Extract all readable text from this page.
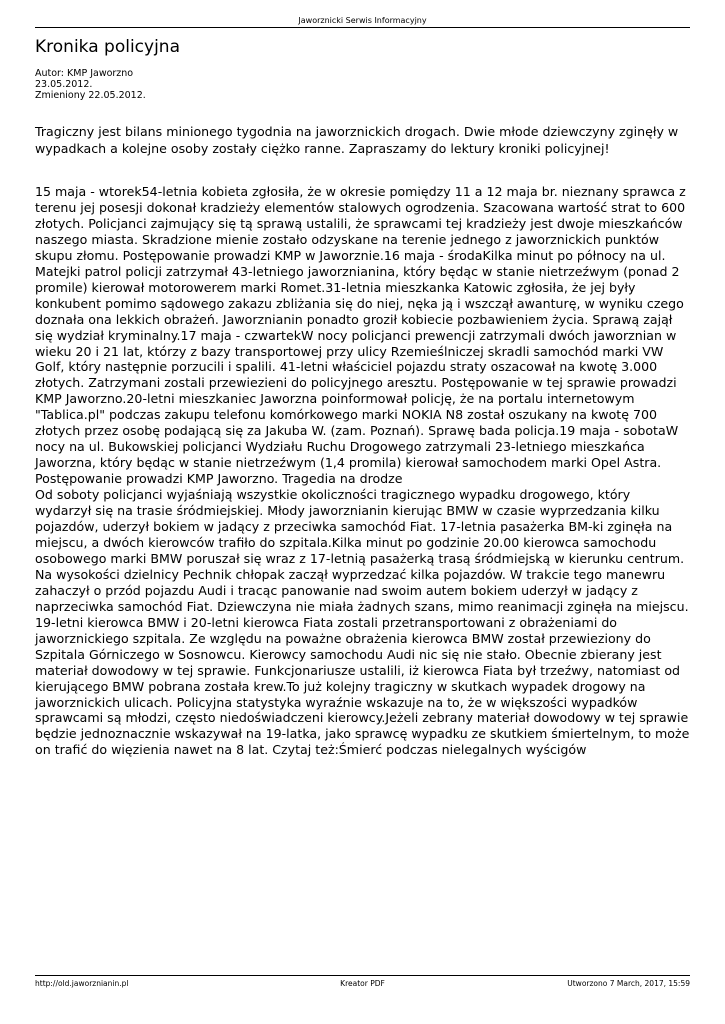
Jaworznicki Serwis Informacyjny
Kronika policyjna
Autor: KMP Jaworzno
23.05.2012.
Zmieniony 22.05.2012.

Tragiczny jest bilans minionego tygodnia na jaworznickich drogach. Dwie młode dziewczyny zginęły w wypadkach a kolejne osoby zostały ciężko ranne. Zapraszamy do lektury kroniki policyjnej!

15 maja - wtorek54-letnia kobieta zgłosiła, że w okresie pomiędzy 11 a 12 maja br. nieznany sprawca z terenu jej posesji dokonał kradzieży elementów stalowych ogrodzenia. Szacowana wartość strat to 600 złotych. Policjanci zajmujący się tą sprawą ustalili, że sprawcami tej kradzieży jest dwoje mieszkańców naszego miasta. Skradzione mienie zostało odzyskane na terenie jednego z jaworznickich punktów skupu złomu. Postępowanie prowadzi KMP w Jaworznie.16 maja - środaKilka minut po północy na ul. Matejki patrol policji zatrzymał 43-letniego jaworznianina, który będąc w stanie nietrzeźwym (ponad 2 promile) kierował motorowerem marki Romet.31-letnia mieszkanka Katowic zgłosiła, że jej były konkubent pomimo sądowego zakazu zbliżania się do niej, nęka ją i wszczął awanturę, w wyniku czego doznała ona lekkich obrażeń. Jaworznianin ponadto groził kobiecie pozbawieniem życia. Sprawą zajął się wydział kryminalny.17 maja - czwartekW nocy policjanci prewencji zatrzymali dwóch jaworznian w wieku 20 i 21 lat, którzy z bazy transportowej przy ulicy Rzemieślniczej skradli samochód marki VW Golf, który następnie porzucili i spalili. 41-letni właściciel pojazdu straty oszacował na kwotę 3.000 złotych. Zatrzymani zostali przewiezieni do policyjnego aresztu. Postępowanie w tej sprawie prowadzi KMP Jaworzno.20-letni mieszkaniec Jaworzna poinformował policję, że na portalu internetowym "Tablica.pl" podczas zakupu telefonu komórkowego marki NOKIA N8 został oszukany na kwotę 700 złotych przez osobę podającą się za Jakuba W. (zam. Poznań). Sprawę bada policja.19 maja - sobotaW nocy na ul. Bukowskiej policjanci Wydziału Ruchu Drogowego zatrzymali 23-letniego mieszkańca Jaworzna, który będąc w stanie nietrzeźwym (1,4 promila) kierował samochodem marki Opel Astra. Postępowanie prowadzi KMP Jaworzno. Tragedia na drodze

Od soboty policjanci wyjaśniają wszystkie okoliczności tragicznego wypadku drogowego, który wydarzył się na trasie śródmiejskiej. Młody jaworznianin kierując BMW w czasie wyprzedzania kilku pojazdów, uderzył bokiem w jadący z przeciwka samochód Fiat. 17-letnia pasażerka BM-ki zginęła na miejscu, a dwóch kierowców trafiło do szpitala.Kilka minut po godzinie 20.00 kierowca samochodu osobowego marki BMW poruszał się wraz z 17-letnią pasażerką trasą śródmiejską w kierunku centrum. Na wysokości dzielnicy Pechnik chłopak zaczął wyprzedzać kilka pojazdów. W trakcie tego manewru zahaczył o przód pojazdu Audi i tracąc panowanie nad swoim autem bokiem uderzył w jadący z naprzeciwka samochód Fiat. Dziewczyna nie miała żadnych szans, mimo reanimacji zginęła na miejscu. 19-letni kierowca BMW i 20-letni kierowca Fiata zostali przetransportowani z obrażeniami do jaworznickiego szpitala. Ze względu na poważne obrażenia kierowca BMW został przewieziony do Szpitala Górniczego w Sosnowcu. Kierowcy samochodu Audi nic się nie stało. Obecnie zbierany jest materiał dowodowy w tej sprawie. Funkcjonariusze ustalili, iż kierowca Fiata był trzeźwy, natomiast od kierującego BMW pobrana została krew.To już kolejny tragiczny w skutkach wypadek drogowy na jaworznickich ulicach. Policyjna statystyka wyraźnie wskazuje na to, że w większości wypadków sprawcami są młodzi, często niedoświadczeni kierowcy.Jeżeli zebrany materiał dowodowy w tej sprawie będzie jednoznacznie wskazywał na 19-latka, jako sprawcę wypadku ze skutkiem śmiertelnym, to może on trafić do więzienia nawet na 8 lat. Czytaj też:Śmierć podczas nielegalnych wyścigów

http://old.jaworznianin.pl	Kreator PDF	Utworzono 7 March, 2017, 15:59
